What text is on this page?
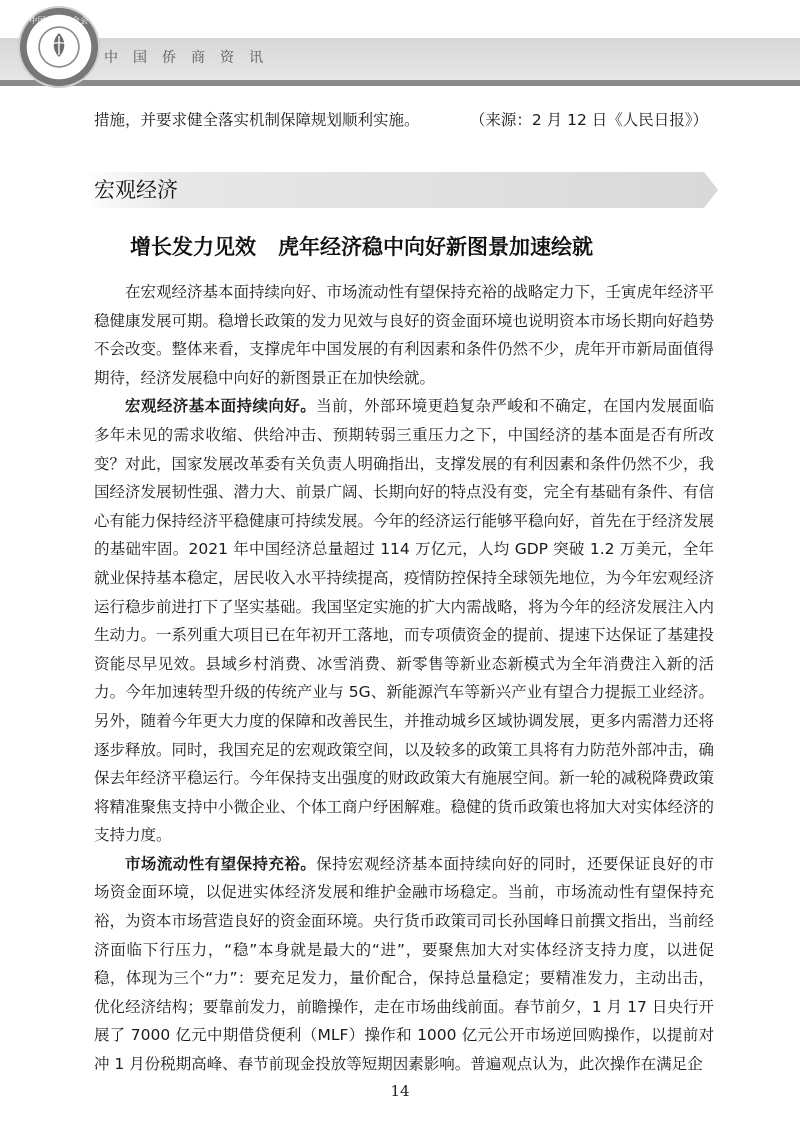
中国侨商联合会
中国侨商资讯
措施，并要求健全落实机制保障规划顺利实施。	（来源：2 月 12 日《人民日报》）
宏观经济
增长发力见效 虎年经济稳中向好新图景加速绘就

在宏观经济基本面持续向好、市场流动性有望保持充裕的战略定力下，壬寅虎年经济平稳健康发展可期。稳增长政策的发力见效与良好的资金面环境也说明资本市场长期向好趋势不会改变。整体来看，支撑虎年中国发展的有利因素和条件仍然不少，虎年开市新局面值得期待，经济发展稳中向好的新图景正在加快绘就。

宏观经济基本面持续向好。当前，外部环境更趋复杂严峻和不确定，在国内发展面临多年未见的需求收缩、供给冲击、预期转弱三重压力之下，中国经济的基本面是否有所改变？对此，国家发展改革委有关负责人明确指出，支撑发展的有利因素和条件仍然不少，我国经济发展韧性强、潜力大、前景广阔、长期向好的特点没有变，完全有基础有条件、有信心有能力保持经济平稳健康可持续发展。今年的经济运行能够平稳向好，首先在于经济发展的基础牢固。2021 年中国经济总量超过 114 万亿元，人均 GDP 突破 1.2 万美元，全年就业保持基本稳定，居民收入水平持续提高，疫情防控保持全球领先地位，为今年宏观经济运行稳步前进打下了坚实基础。我国坚定实施的扩大内需战略，将为今年的经济发展注入内生动力。一系列重大项目已在年初开工落地，而专项债资金的提前、提速下达保证了基建投资能尽早见效。县域乡村消费、冰雪消费、新零售等新业态新模式为全年消费注入新的活力。今年加速转型升级的传统产业与 5G、新能源汽车等新兴产业有望合力提振工业经济。另外，随着今年更大力度的保障和改善民生，并推动城乡区域协调发展，更多内需潜力还将逐步释放。同时，我国充足的宏观政策空间，以及较多的政策工具将有力防范外部冲击，确保去年经济平稳运行。今年保持支出强度的财政政策大有施展空间。新一轮的减税降费政策将精准聚焦支持中小微企业、个体工商户纾困解难。稳健的货币政策也将加大对实体经济的支持力度。

市场流动性有望保持充裕。保持宏观经济基本面持续向好的同时，还要保证良好的市场资金面环境，以促进实体经济发展和维护金融市场稳定。当前，市场流动性有望保持充裕，为资本市场营造良好的资金面环境。央行货币政策司司长孙国峰日前撰文指出，当前经济面临下行压力，“稳”本身就是最大的“进”，要聚焦加大对实体经济支持力度，以进促稳，体现为三个“力”：要充足发力，量价配合，保持总量稳定；要精准发力，主动出击，优化经济结构；要靠前发力，前瞻操作，走在市场曲线前面。春节前夕，1 月 17 日央行开展了 7000 亿元中期借贷便利（MLF）操作和 1000 亿元公开市场逆回购操作，以提前对冲 1 月份税期高峰、春节前现金投放等短期因素影响。普遍观点认为，此次操作在满足企

14
